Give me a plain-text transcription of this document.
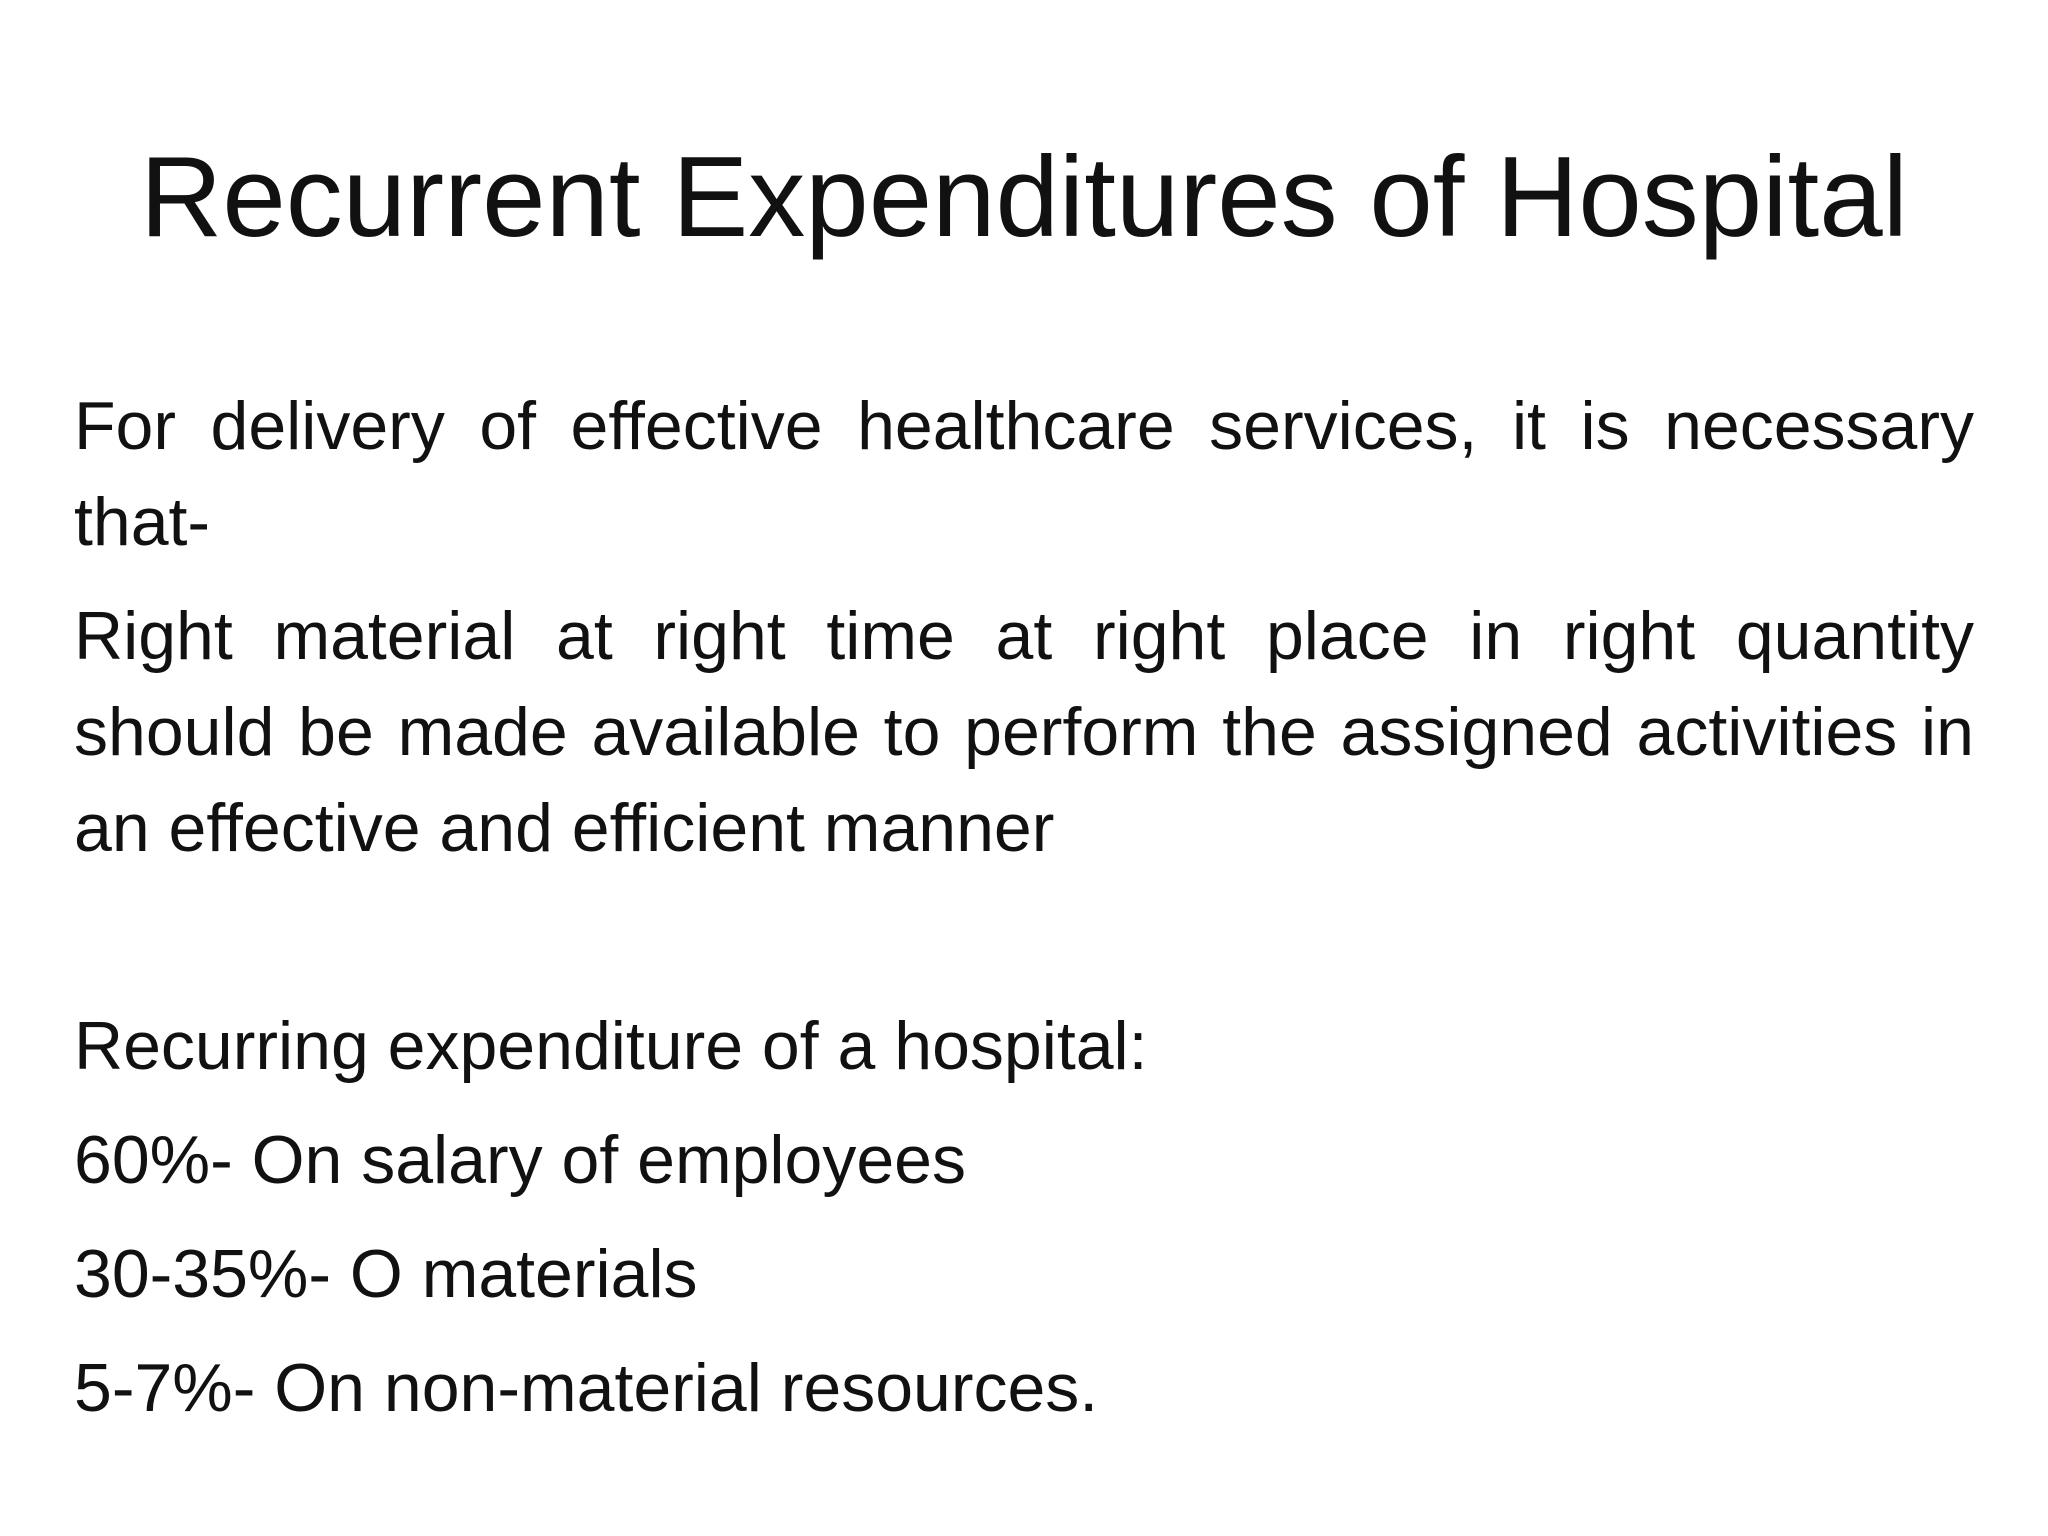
Recurrent Expenditures of Hospital

For delivery of effective healthcare services, it is necessary that-

Right material at right time at right place in right quantity should be made available to perform the assigned activities in an effective and efficient manner

Recurring expenditure of a hospital:

60%- On salary of employees

30-35%- O materials

5-7%- On non-material resources.
